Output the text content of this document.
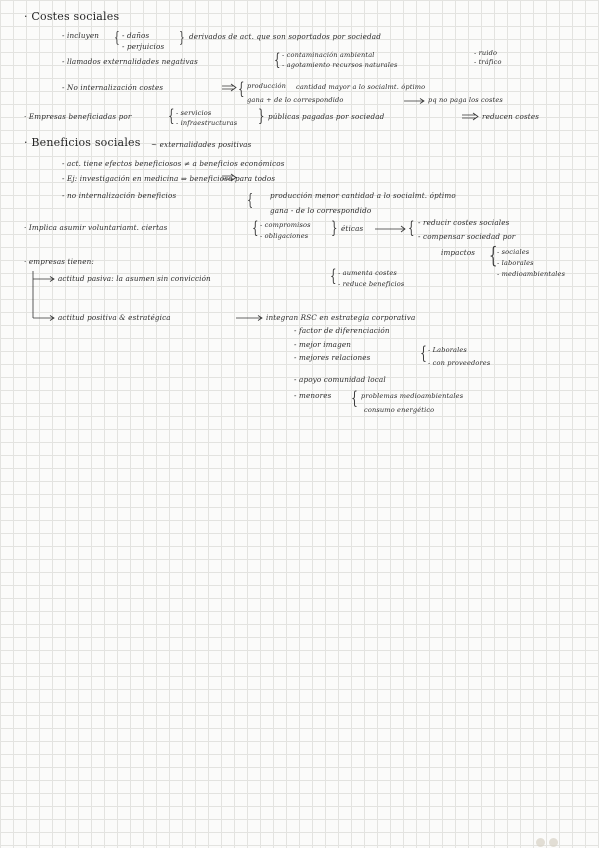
· Costes sociales
- incluyen { - daños
- perjuicios
} derivados de act. que son soportados por sociedad
- llamados externalidades negativas	{ - contaminación ambiental
- agotamiento recursos naturales
- ruido
- tráfico
- No internalización costes	{ producción cantidad mayor a lo socialmt. óptimo
gana + de lo correspondido	pq no paga los costes
· Empresas beneficiadas por { - servicios
- infraestructuras } públicas pagadas por sociedad	reducen costes
· Beneficios sociales ~ externalidades positivas
- act. tiene efectos beneficiosos ≠ a beneficios económicos
- Ej: investigación en medicina ⇒ beneficioso para todos
- no internalización beneficios	{ producción menor cantidad a lo socialmt. óptimo
gana - de lo correspondido
· Implica asumir voluntariamt. ciertas	{ - compromisos
- obligaciones } éticas	{ - reducir costes sociales
- compensar sociedad por
impactos { - sociales
- laborales
- medioambientales
· empresas tienen:
actitud pasiva: la asumen sin convicción	{ - aumenta costes
- reduce beneficios
actitud positiva & estratégica	integran RSC en estrategia corporativa
- factor de diferenciación
- mejor imagen
- mejores relaciones	{ - Laborales
- con proveedores
- apoyo comunidad local
- menores { problemas medioambientales
consumo energético
